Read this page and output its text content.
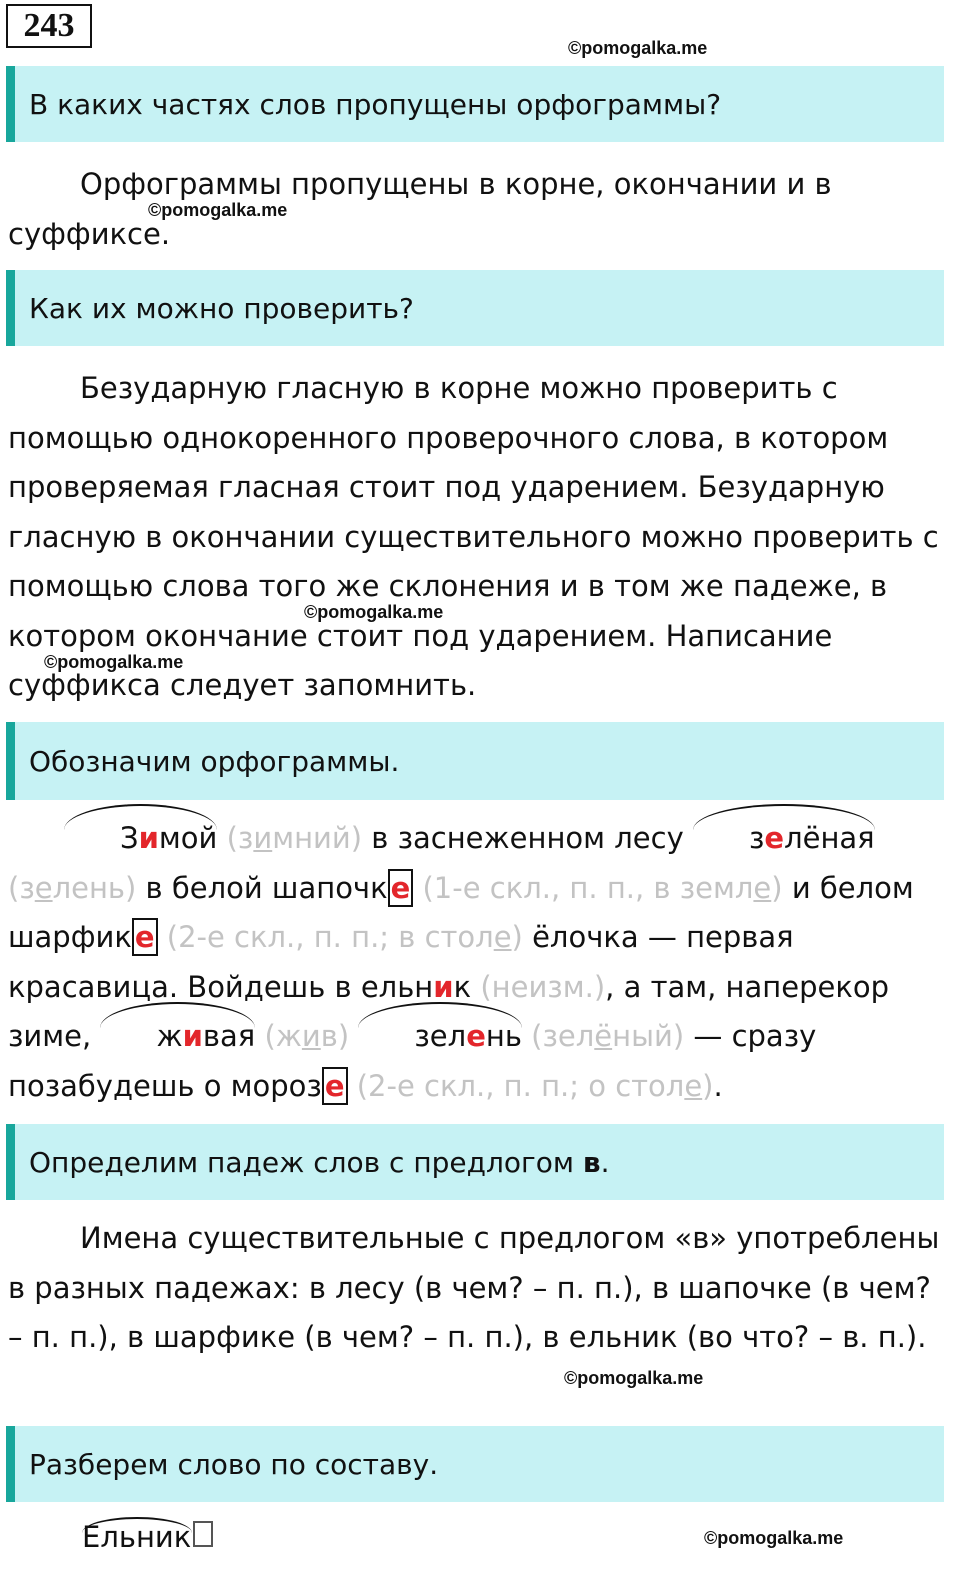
243
©pomogalka.me
В каких частях слов пропущены орфограммы?

Орфограммы пропущены в корне, окончании и в суффиксе.

©pomogalka.me
Как их можно проверить?

Безударную гласную в корне можно проверить с помощью однокоренного проверочного слова, в котором проверяемая гласная стоит под ударением. Безударную гласную в окончании существительного можно проверить с помощью слова того же склонения и в том же падеже, в котором окончание стоит под ударением. Написание суффикса следует запомнить.

©pomogalka.me
©pomogalka.me
Обозначим орфограммы.

Зимой (зимний) в заснеженном лесу зелёная (зелень) в белой шапочк е (1-е скл., п. п., в земле) и белом шарфик е (2-е скл., п. п.; в столе) ёлочка — первая красавица. Войдешь в ельник (неизм.), а там, наперекор зиме, живая (жив) зелень (зелёный) — сразу позабудешь о мороз е (2-е скл., п. п.; о столе).

Определим падеж слов с предлогом в.

Имена существительные с предлогом «в» употреблены в разных падежах: в лесу (в чем? – п. п.), в шапочке (в чем? – п. п.), в шарфике (в чем? – п. п.), в ельник (во что? – в. п.).

©pomogalka.me
Разберем слово по составу.
Ельник	©pomogalka.me
